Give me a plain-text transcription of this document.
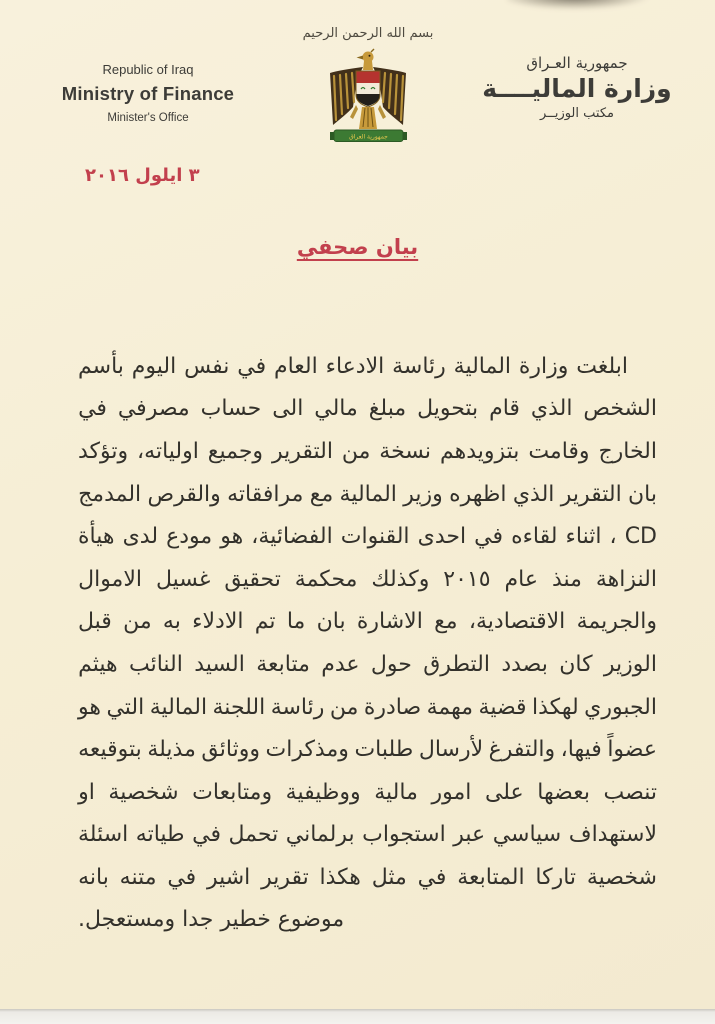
بسم الله الرحمن الرحيم

Republic of Iraq

Ministry of Finance

Minister's Office

جمهورية العراق

جمهورية العـراق

وزارة الماليــــة

مكتب الوزيــر

٣ ايلول ٢٠١٦
بيان صحفي
ابلغت
وزارة
المالية
رئاسة
الادعاء
العام
في
نفس
اليوم
بأسم
الشخص
الذي
قام
بتحويل
مبلغ
مالي
الى
حساب
مصرفي
في
الخارج
وقامت
بتزويدهم
نسخة
من
التقرير
وجميع
اولياته،
وتؤكد
بان
التقرير
الذي
اظهره
وزير
المالية
مع
مرافقاته
والقرص
المدمج
CD
،
اثناء
لقاءه
في
احدى
القنوات
الفضائية،
هو
مودع
لدى
هيأة
النزاهة
منذ
عام
٢٠١٥
وكذلك
محكمة
تحقيق
غسيل
الاموال
والجريمة
الاقتصادية،
مع
الاشارة
بان
ما
تم
الادلاء
به
من
قبل
الوزير
كان
بصدد
التطرق
حول
عدم
متابعة
السيد
النائب
هيثم
الجبوري
لهكذا
قضية
مهمة
صادرة
من
رئاسة
اللجنة
المالية
التي
هو
عضواً
فيها،
والتفرغ
لأرسال
طلبات
ومذكرات
ووثائق
مذيلة
بتوقيعه
تنصب
بعضها
على
امور
مالية
ووظيفية
ومتابعات
شخصية
او
لاستهداف
سياسي
عبر
استجواب
برلماني
تحمل
في
طياته
اسئلة
شخصية
تاركا
المتابعة
في
مثل
هكذا
تقرير
اشير
في
متنه
بانه
موضوع خطير جدا ومستعجل.
